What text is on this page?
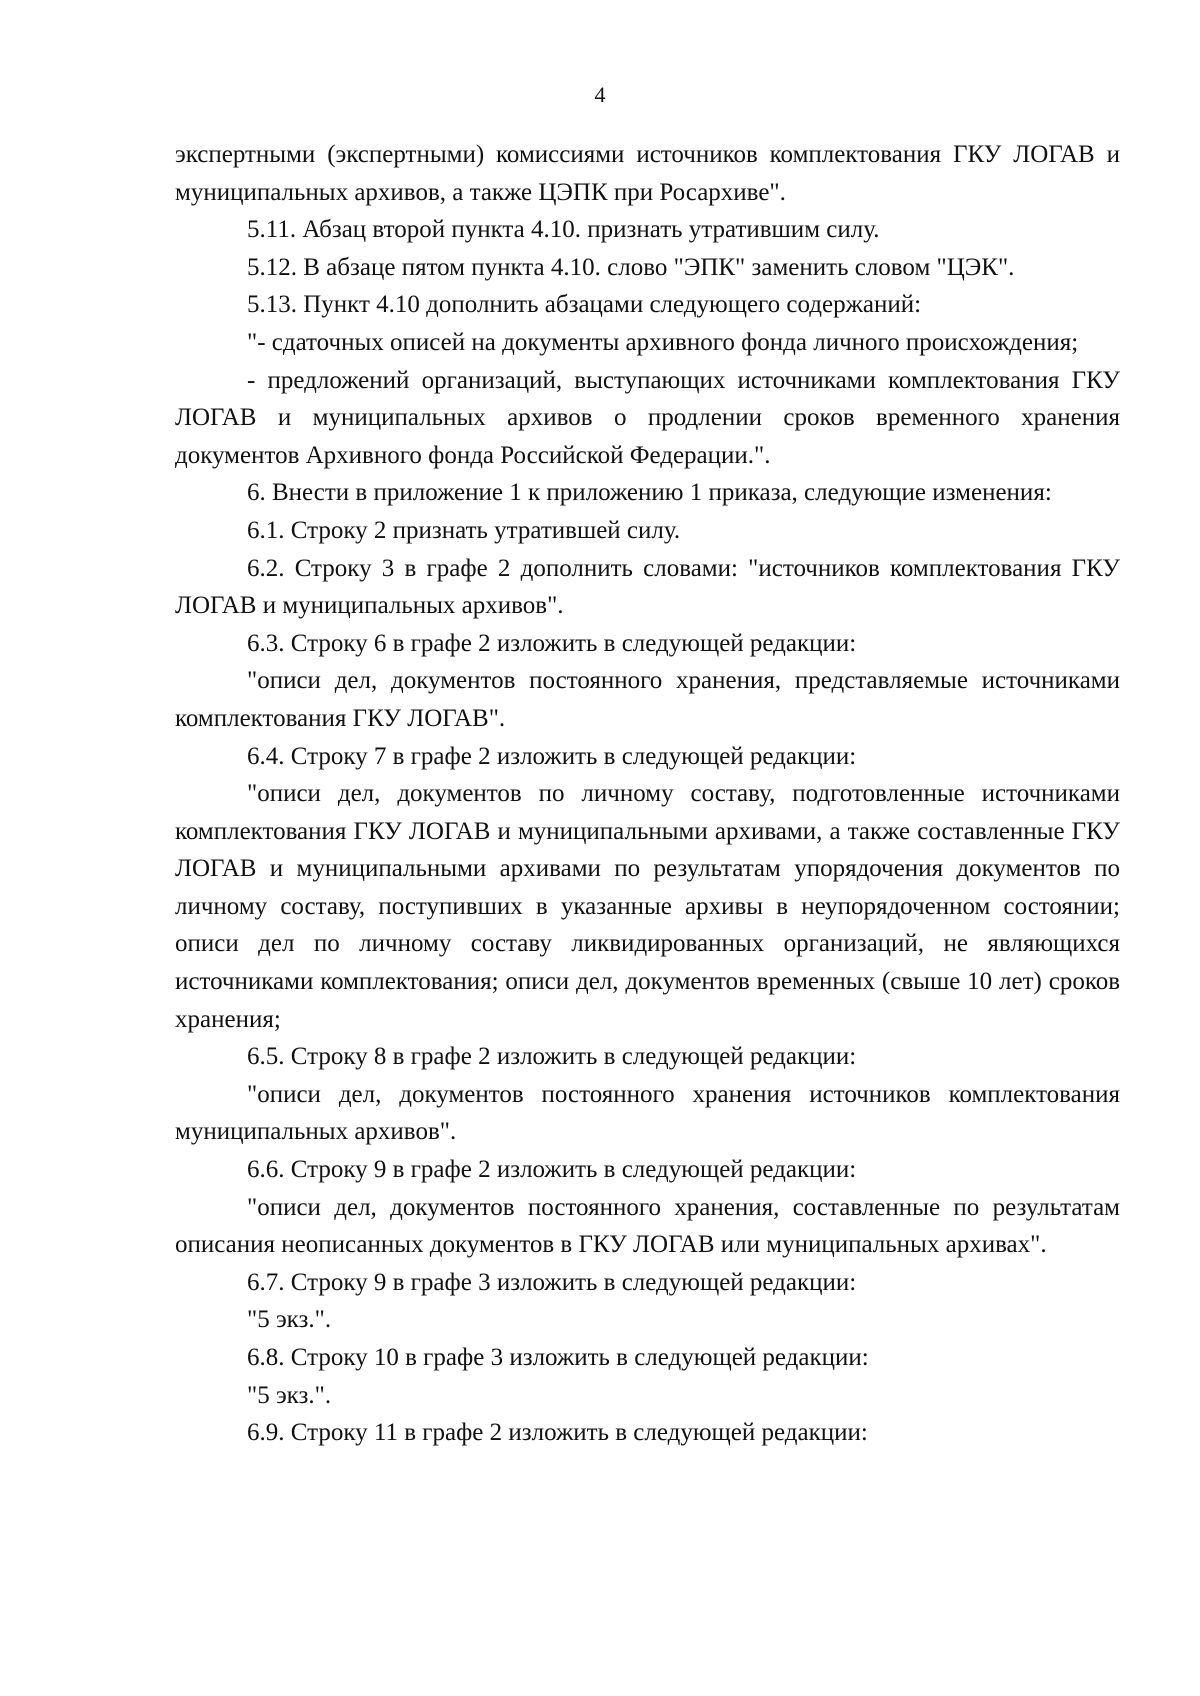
4

экспертными (экспертными) комиссиями источников комплектования ГКУ ЛОГАВ и муниципальных архивов, а также ЦЭПК при Росархиве".

5.11. Абзац второй пункта 4.10. признать утратившим силу.

5.12. В абзаце пятом пункта 4.10. слово "ЭПК" заменить словом "ЦЭК".

5.13. Пункт 4.10 дополнить абзацами следующего содержаний:

"- сдаточных описей на документы архивного фонда личного происхождения;

- предложений организаций, выступающих источниками комплектования ГКУ ЛОГАВ и муниципальных архивов о продлении сроков временного хранения документов Архивного фонда Российской Федерации.".

6. Внести в приложение 1 к приложению 1 приказа, следующие изменения:

6.1. Строку 2 признать утратившей силу.

6.2. Строку 3 в графе 2 дополнить словами: "источников комплектования ГКУ ЛОГАВ и муниципальных архивов".

6.3. Строку 6 в графе 2 изложить в следующей редакции:

"описи дел, документов постоянного хранения, представляемые источниками комплектования ГКУ ЛОГАВ".

6.4. Строку 7 в графе 2 изложить в следующей редакции:

"описи дел, документов по личному составу, подготовленные источниками комплектования ГКУ ЛОГАВ и муниципальными архивами, а также составленные ГКУ ЛОГАВ и муниципальными архивами по результатам упорядочения документов по личному составу, поступивших в указанные архивы в неупорядоченном состоянии; описи дел по личному составу ликвидированных организаций, не являющихся источниками комплектования; описи дел, документов временных (свыше 10 лет) сроков хранения;

6.5. Строку 8 в графе 2 изложить в следующей редакции:

"описи дел, документов постоянного хранения источников комплектования муниципальных архивов".

6.6. Строку 9 в графе 2 изложить в следующей редакции:

"описи дел, документов постоянного хранения, составленные по результатам описания неописанных документов в ГКУ ЛОГАВ или муниципальных архивах".

6.7. Строку 9 в графе 3 изложить в следующей редакции:

"5 экз.".

6.8. Строку 10 в графе 3 изложить в следующей редакции:

"5 экз.".

6.9. Строку 11 в графе 2 изложить в следующей редакции:
